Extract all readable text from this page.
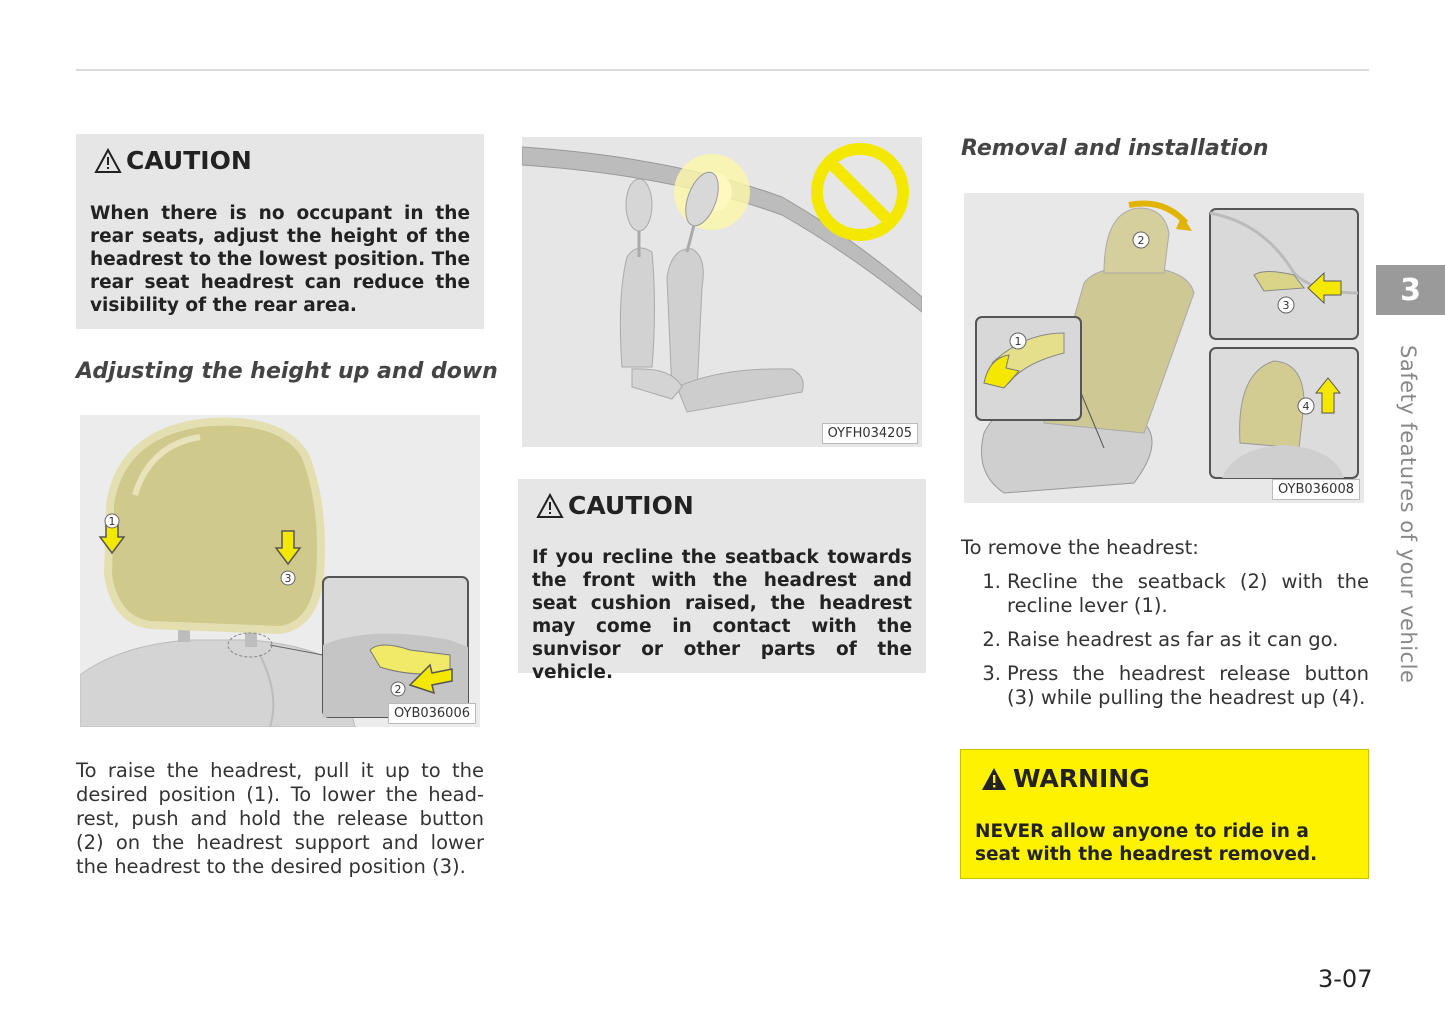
CAUTION
When there is no occupant in the rear seats, adjust the height of the headrest to the lowest position. The rear seat headrest can reduce the visibility of the rear area.
Adjusting the height up and down
1
3
2
OYB036006
To raise the headrest, pull it up to the desired position (1). To lower the head-rest, push and hold the release button (2) on the headrest support and lower the headrest to the desired position (3).
OYFH034205
CAUTION
If you recline the seatback towards the front with the headrest and seat cushion raised, the headrest may come in contact with the sunvisor or other parts of the vehicle.
Removal and installation
2
1
3
4
OYB036008
To remove the headrest:
1. Recline the seatback (2) with the recline lever (1).
2. Raise headrest as far as it can go.
3. Press the headrest release button (3) while pulling the headrest up (4).
WARNING
NEVER allow anyone to ride in a seat with the headrest removed.
3
Safety features of your vehicle
3-07
